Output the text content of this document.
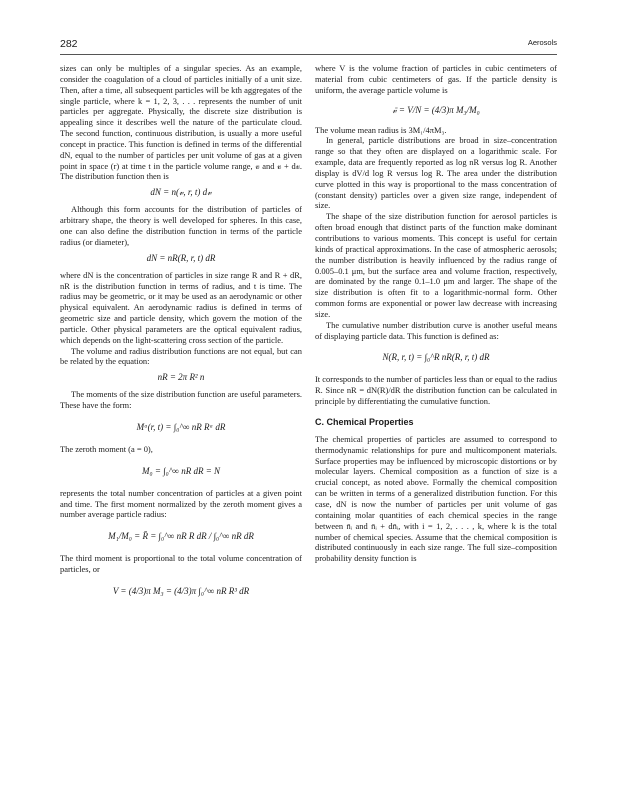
282	Aerosols

sizes can only be multiples of a singular species. As an example, consider the coagulation of a cloud of particles initially of a unit size. Then, after a time, all subsequent particles will be kth aggregates of the single particle, where k = 1, 2, 3, . . . represents the number of unit particles per aggregate. Physically, the discrete size distribution is appealing since it describes well the nature of the particulate cloud. The second function, continuous distribution, is usually a more useful concept in practice. This function is defined in terms of the differential dN, equal to the number of particles per unit volume of gas at a given point in space (r) at time t in the particle volume range, 𝓋 and 𝓋 + d𝓋. The distribution function then is

dN = n(𝓋, r, t) d𝓋

Although this form accounts for the distribution of particles of arbitrary shape, the theory is well developed for spheres. In this case, one can also define the distribution function in terms of the particle radius (or diameter),

dN = nR(R, r, t) dR

where dN is the concentration of particles in size range R and R + dR, nR is the distribution function in terms of radius, and t is time. The radius may be geometric, or it may be used as an aerodynamic or other physical equivalent. An aerodynamic radius is defined in terms of geometric size and particle density, which govern the motion of the particle. Other physical parameters are the optical equivalent radius, which depends on the light-scattering cross section of the particle.

The volume and radius distribution functions are not equal, but can be related by the equation:

nR = 2π R² n

The moments of the size distribution function are useful parameters. These have the form:

Mᵃ(r, t) = ∫₀^∞ nR Rᵃ dR

The zeroth moment (a = 0),

M₀ = ∫₀^∞ nR dR = N

represents the total number concentration of particles at a given point and time. The first moment normalized by the zeroth moment gives a number average particle radius:

M₁/M₀ = R̄ = ∫₀^∞ nR R dR / ∫₀^∞ nR dR

The third moment is proportional to the total volume concentration of particles, or

V = (4/3)π M₃ = (4/3)π ∫₀^∞ nR R³ dR

where V is the volume fraction of particles in cubic centimeters of material from cubic centimeters of gas. If the particle density is uniform, the average particle volume is

𝓋̄ = V/N = (4/3)π M₃/M₀

The volume mean radius is 3M₁/4πM₃.

In general, particle distributions are broad in size–concentration range so that they often are displayed on a logarithmic scale. For example, data are frequently reported as log nR versus log R. Another display is dV/d log R versus log R. The area under the distribution curve plotted in this way is proportional to the mass concentration of (constant density) particles over a given size range, independent of size.

The shape of the size distribution function for aerosol particles is often broad enough that distinct parts of the function make dominant contributions to various moments. This concept is useful for certain kinds of practical approximations. In the case of atmospheric aerosols; the number distribution is heavily influenced by the radius range of 0.005–0.1 μm, but the surface area and volume fraction, respectively, are dominated by the range 0.1–1.0 μm and larger. The shape of the size distribution is often fit to a logarithmic-normal form. Other common forms are exponential or power law decrease with increasing size.

The cumulative number distribution curve is another useful means of displaying particle data. This function is defined as:

N(R, r, t) = ∫₀^R nR(R, r, t) dR

It corresponds to the number of particles less than or equal to the radius R. Since nR = dN(R)/dR the distribution function can be calculated in principle by differentiating the cumulative function.

C. Chemical Properties

The chemical properties of particles are assumed to correspond to thermodynamic relationships for pure and multicomponent materials. Surface properties may be influenced by microscopic distortions or by molecular layers. Chemical composition as a function of size is a crucial concept, as noted above. Formally the chemical composition can be written in terms of a generalized distribution function. For this case, dN is now the number of particles per unit volume of gas containing molar quantities of each chemical species in the range between n̄ᵢ and n̄ᵢ + dn̄ᵢ, with i = 1, 2, . . . , k, where k is the total number of chemical species. Assume that the chemical composition is distributed continuously in each size range. The full size–composition probability density function is
